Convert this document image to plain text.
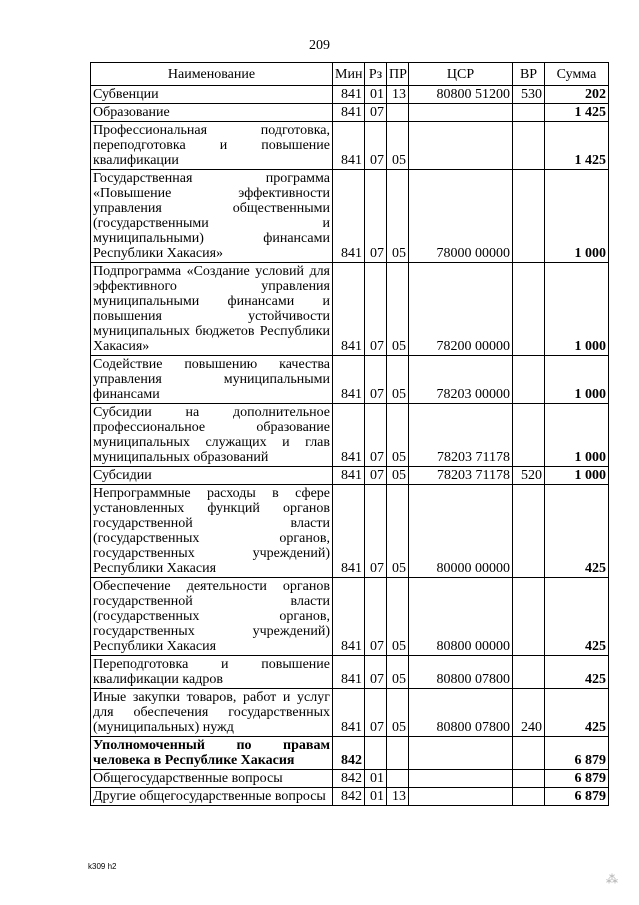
209
Наименование	Мин	Рз	ПР	ЦСР	ВР	Сумма
Субвенции	841	01	13	80800 51200	530	202
Образование	841	07				1 425
Профессиональная подготовка, переподготовка и повышение квалификации	841	07	05			1 425
Государственная программа «Повышение эффективности управления общественными (государственными и муниципальными) финансами Республики Хакасия»	841	07	05	78000 00000		1 000
Подпрограмма «Создание условий для эффективного управления муниципальными финансами и повышения устойчивости муниципальных бюджетов Республики Хакасия»	841	07	05	78200 00000		1 000
Содействие повышению качества управления муниципальными финансами	841	07	05	78203 00000		1 000
Субсидии на дополнительное профессиональное образование муниципальных служащих и глав муниципальных образований	841	07	05	78203 71178		1 000
Субсидии	841	07	05	78203 71178	520	1 000
Непрограммные расходы в сфере установленных функций органов государственной власти (государственных органов, государственных учреждений) Республики Хакасия	841	07	05	80000 00000		425
Обеспечение деятельности органов государственной власти (государственных органов, государственных учреждений) Республики Хакасия	841	07	05	80800 00000		425
Переподготовка и повышение квалификации кадров	841	07	05	80800 07800		425
Иные закупки товаров, работ и услуг для обеспечения государственных (муниципальных) нужд	841	07	05	80800 07800	240	425
Уполномоченный по правам человека в Республике Хакасия	842					6 879
Общегосударственные вопросы	842	01				6 879
Другие общегосударственные вопросы	842	01	13			6 879
k309 h2
⁂
